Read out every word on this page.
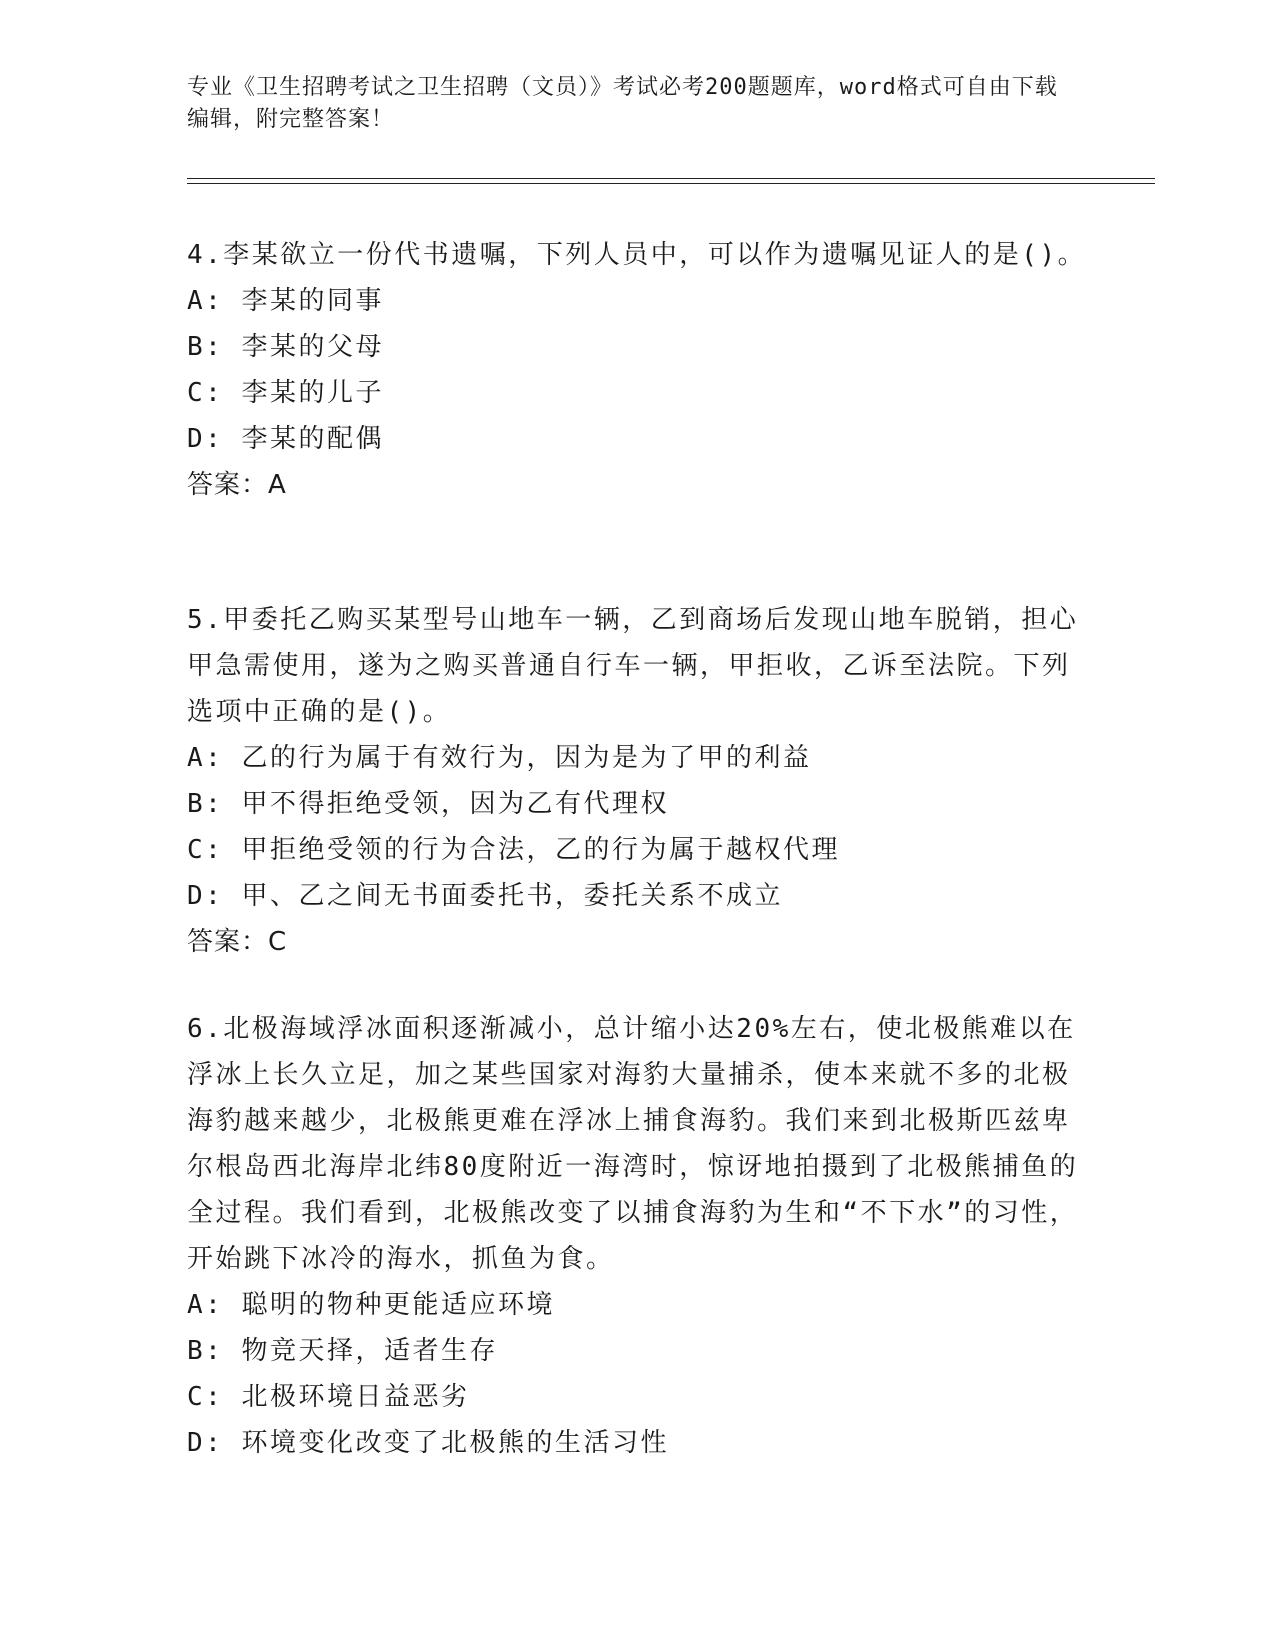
专业《卫生招聘考试之卫生招聘（文员）》考试必考200题题库，word格式可自由下载编辑，附完整答案！

4.李某欲立一份代书遗嘱，下列人员中，可以作为遗嘱见证人的是()。

A: 李某的同事

B: 李某的父母

C: 李某的儿子

D: 李某的配偶

答案：A

5.甲委托乙购买某型号山地车一辆，乙到商场后发现山地车脱销，担心甲急需使用，遂为之购买普通自行车一辆，甲拒收，乙诉至法院。下列选项中正确的是()。

A: 乙的行为属于有效行为，因为是为了甲的利益

B: 甲不得拒绝受领，因为乙有代理权

C: 甲拒绝受领的行为合法，乙的行为属于越权代理

D: 甲、乙之间无书面委托书，委托关系不成立

答案：C

6.北极海域浮冰面积逐渐减小，总计缩小达20%左右，使北极熊难以在浮冰上长久立足，加之某些国家对海豹大量捕杀，使本来就不多的北极海豹越来越少，北极熊更难在浮冰上捕食海豹。我们来到北极斯匹兹卑尔根岛西北海岸北纬80度附近一海湾时，惊讶地拍摄到了北极熊捕鱼的全过程。我们看到，北极熊改变了以捕食海豹为生和“不下水”的习性，开始跳下冰冷的海水，抓鱼为食。

A: 聪明的物种更能适应环境

B: 物竞天择，适者生存

C: 北极环境日益恶劣

D: 环境变化改变了北极熊的生活习性
